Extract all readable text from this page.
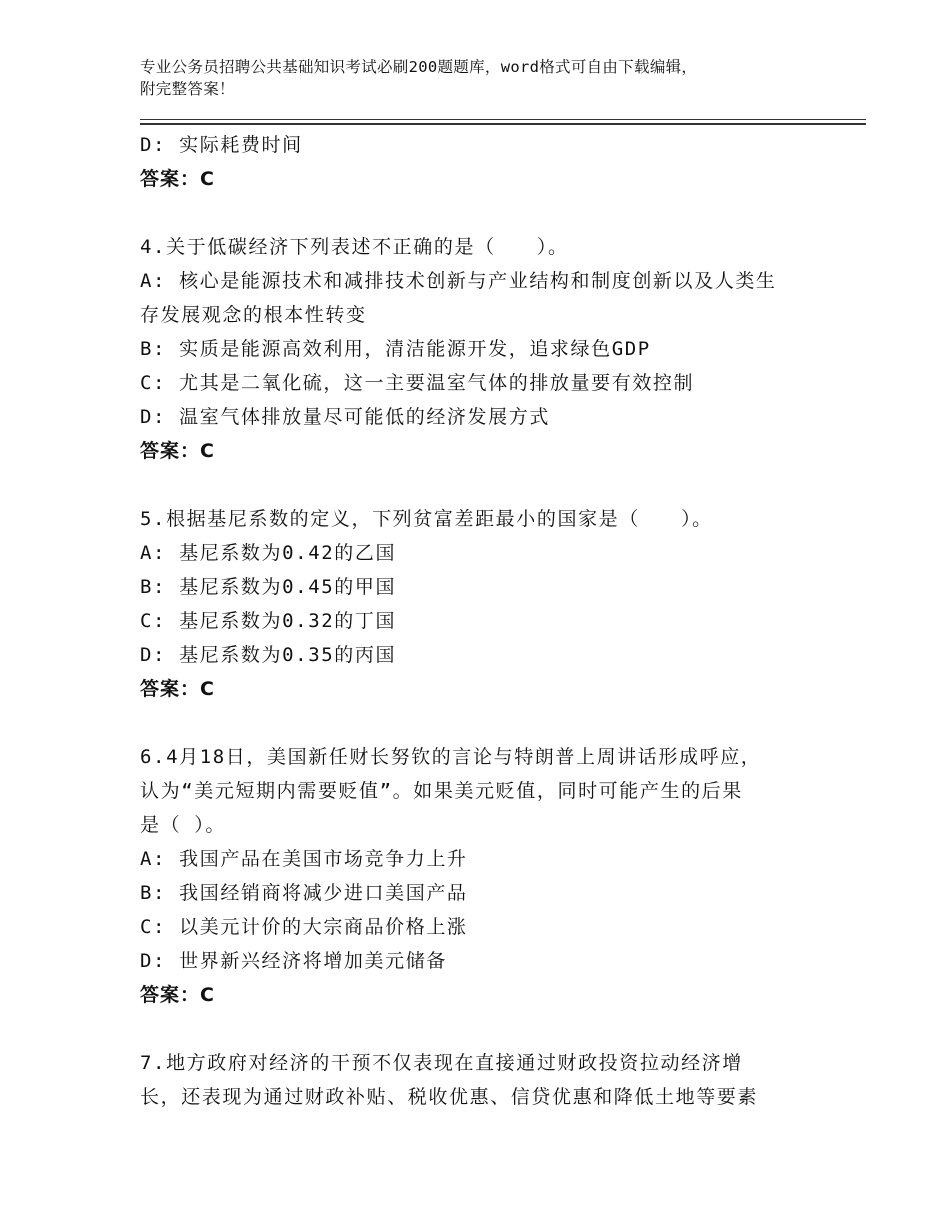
专业公务员招聘公共基础知识考试必刷200题题库，word格式可自由下载编辑，
附完整答案！
D: 实际耗费时间
答案：C
4.关于低碳经济下列表述不正确的是（　　）。
A: 核心是能源技术和减排技术创新与产业结构和制度创新以及人类生
存发展观念的根本性转变
B: 实质是能源高效利用，清洁能源开发，追求绿色GDP
C: 尤其是二氧化硫，这一主要温室气体的排放量要有效控制
D: 温室气体排放量尽可能低的经济发展方式
答案：C
5.根据基尼系数的定义，下列贫富差距最小的国家是（　　）。
A: 基尼系数为0.42的乙国
B: 基尼系数为0.45的甲国
C: 基尼系数为0.32的丁国
D: 基尼系数为0.35的丙国
答案：C
6.4月18日，美国新任财长努钦的言论与特朗普上周讲话形成呼应，
认为“美元短期内需要贬值”。如果美元贬值，同时可能产生的后果
是（ ）。
A: 我国产品在美国市场竞争力上升
B: 我国经销商将减少进口美国产品
C: 以美元计价的大宗商品价格上涨
D: 世界新兴经济将增加美元储备
答案：C
7.地方政府对经济的干预不仅表现在直接通过财政投资拉动经济增
长，还表现为通过财政补贴、税收优惠、信贷优惠和降低土地等要素
